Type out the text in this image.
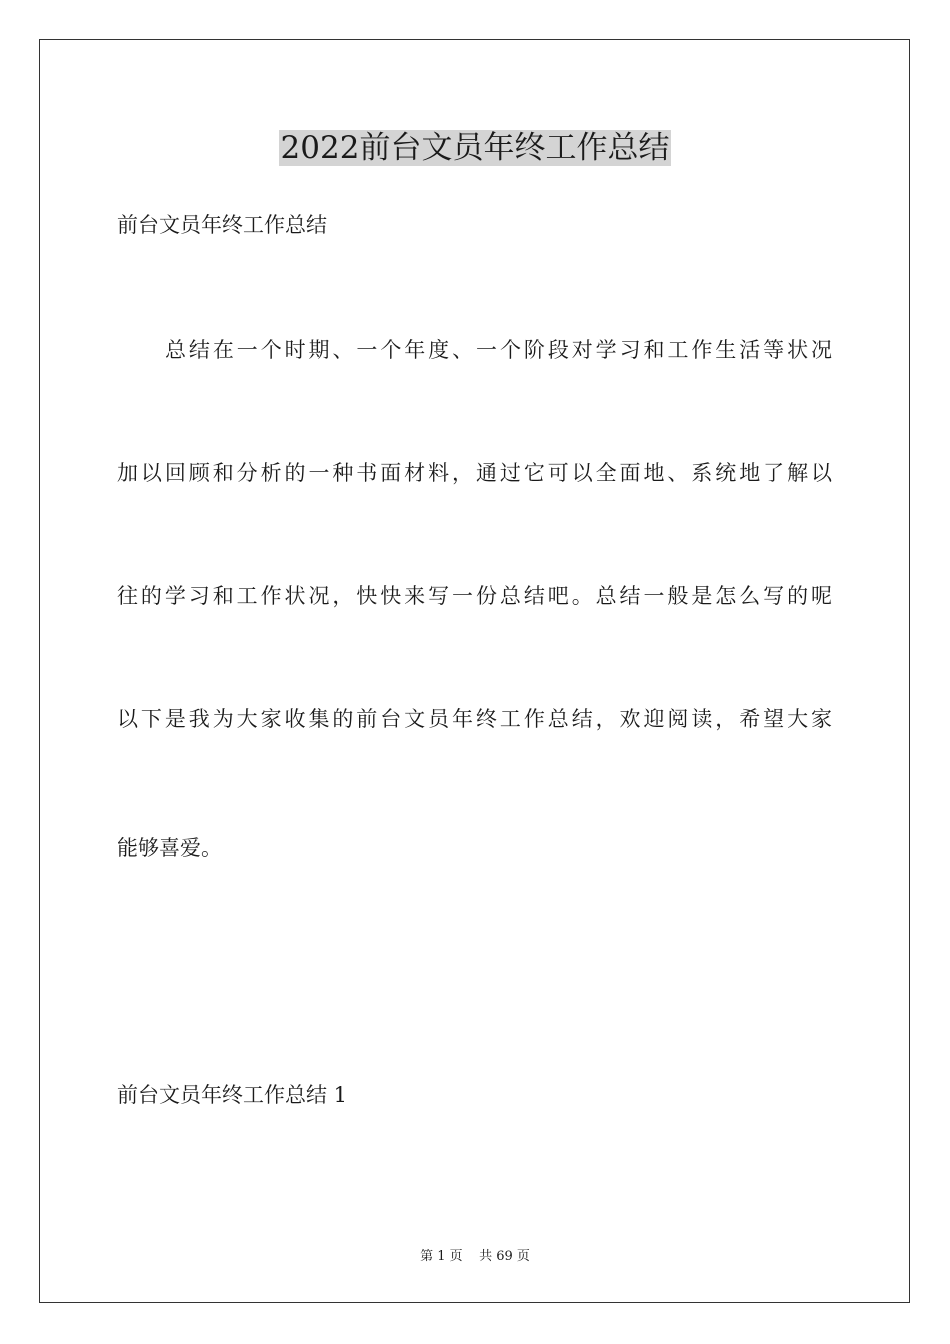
2022前台文员年终工作总结

前台文员年终工作总结

总结在一个时期、一个年度、一个阶段对学习和工作生活等状况

加以回顾和分析的一种书面材料，通过它可以全面地、系统地了解以

往的学习和工作状况，快快来写一份总结吧。总结一般是怎么写的呢

以下是我为大家收集的前台文员年终工作总结，欢迎阅读，希望大家

能够喜爱。

前台文员年终工作总结 1

第 1 页    共 69 页
